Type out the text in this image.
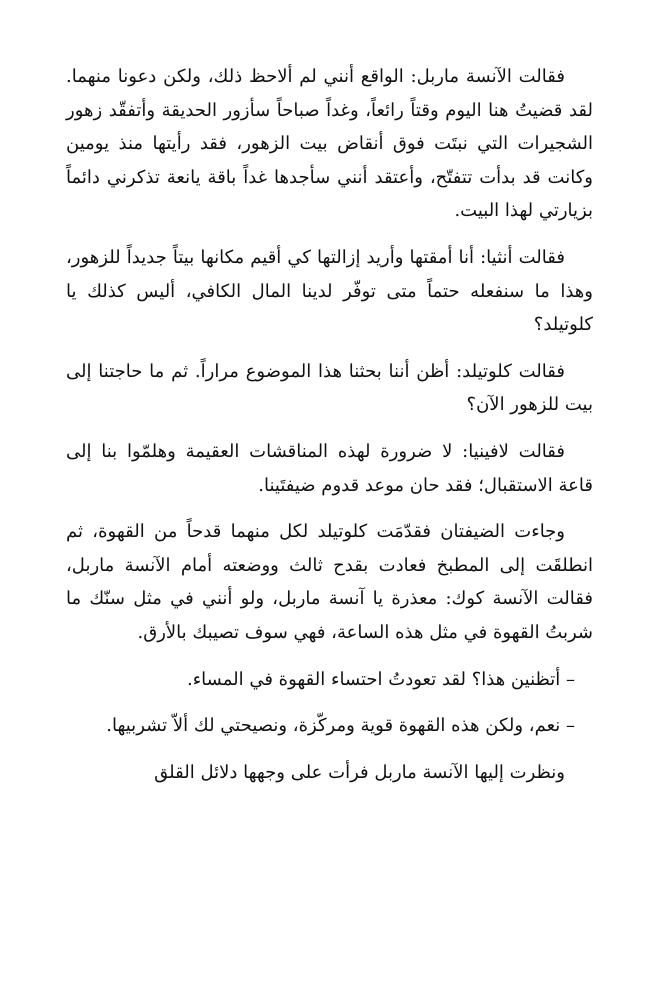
فقالت الآنسة ماربل: الواقع أنني لم ألاحظ ذلك، ولكن دعونا منهما. لقد قضيتُ هنا اليوم وقتاً رائعاً، وغداً صباحاً سأزور الحديقة وأتفقّد زهور الشجيرات التي نبتَت فوق أنقاض بيت الزهور، فقد رأيتها منذ يومين وكانت قد بدأت تتفتّح، وأعتقد أنني سأجدها غداً باقة يانعة تذكرني دائماً بزيارتي لهذا البيت.

فقالت أنثيا: أنا أمقتها وأريد إزالتها كي أقيم مكانها بيتاً جديداً للزهور، وهذا ما سنفعله حتماً متى توفّر لدينا المال الكافي، أليس كذلك يا كلوتيلد؟

فقالت كلوتيلد: أظن أننا بحثنا هذا الموضوع مراراً. ثم ما حاجتنا إلى بيت للزهور الآن؟

فقالت لافينيا: لا ضرورة لهذه المناقشات العقيمة وهلمّوا بنا إلى قاعة الاستقبال؛ فقد حان موعد قدوم ضيفتَينا.

وجاءت الضيفتان فقدّمَت كلوتيلد لكل منهما قدحاً من القهوة، ثم انطلقَت إلى المطبخ فعادت بقدح ثالث ووضعته أمام الآنسة ماربل، فقالت الآنسة كوك: معذرة يا آنسة ماربل، ولو أنني في مثل سنّك ما شربتُ القهوة في مثل هذه الساعة، فهي سوف تصيبك بالأرق.

– أتظنين هذا؟ لقد تعودتُ احتساء القهوة في المساء.

– نعم، ولكن هذه القهوة قوية ومركّزة، ونصيحتي لك ألاّ تشربيها.

ونظرت إليها الآنسة ماربل فرأت على وجهها دلائل القلق
